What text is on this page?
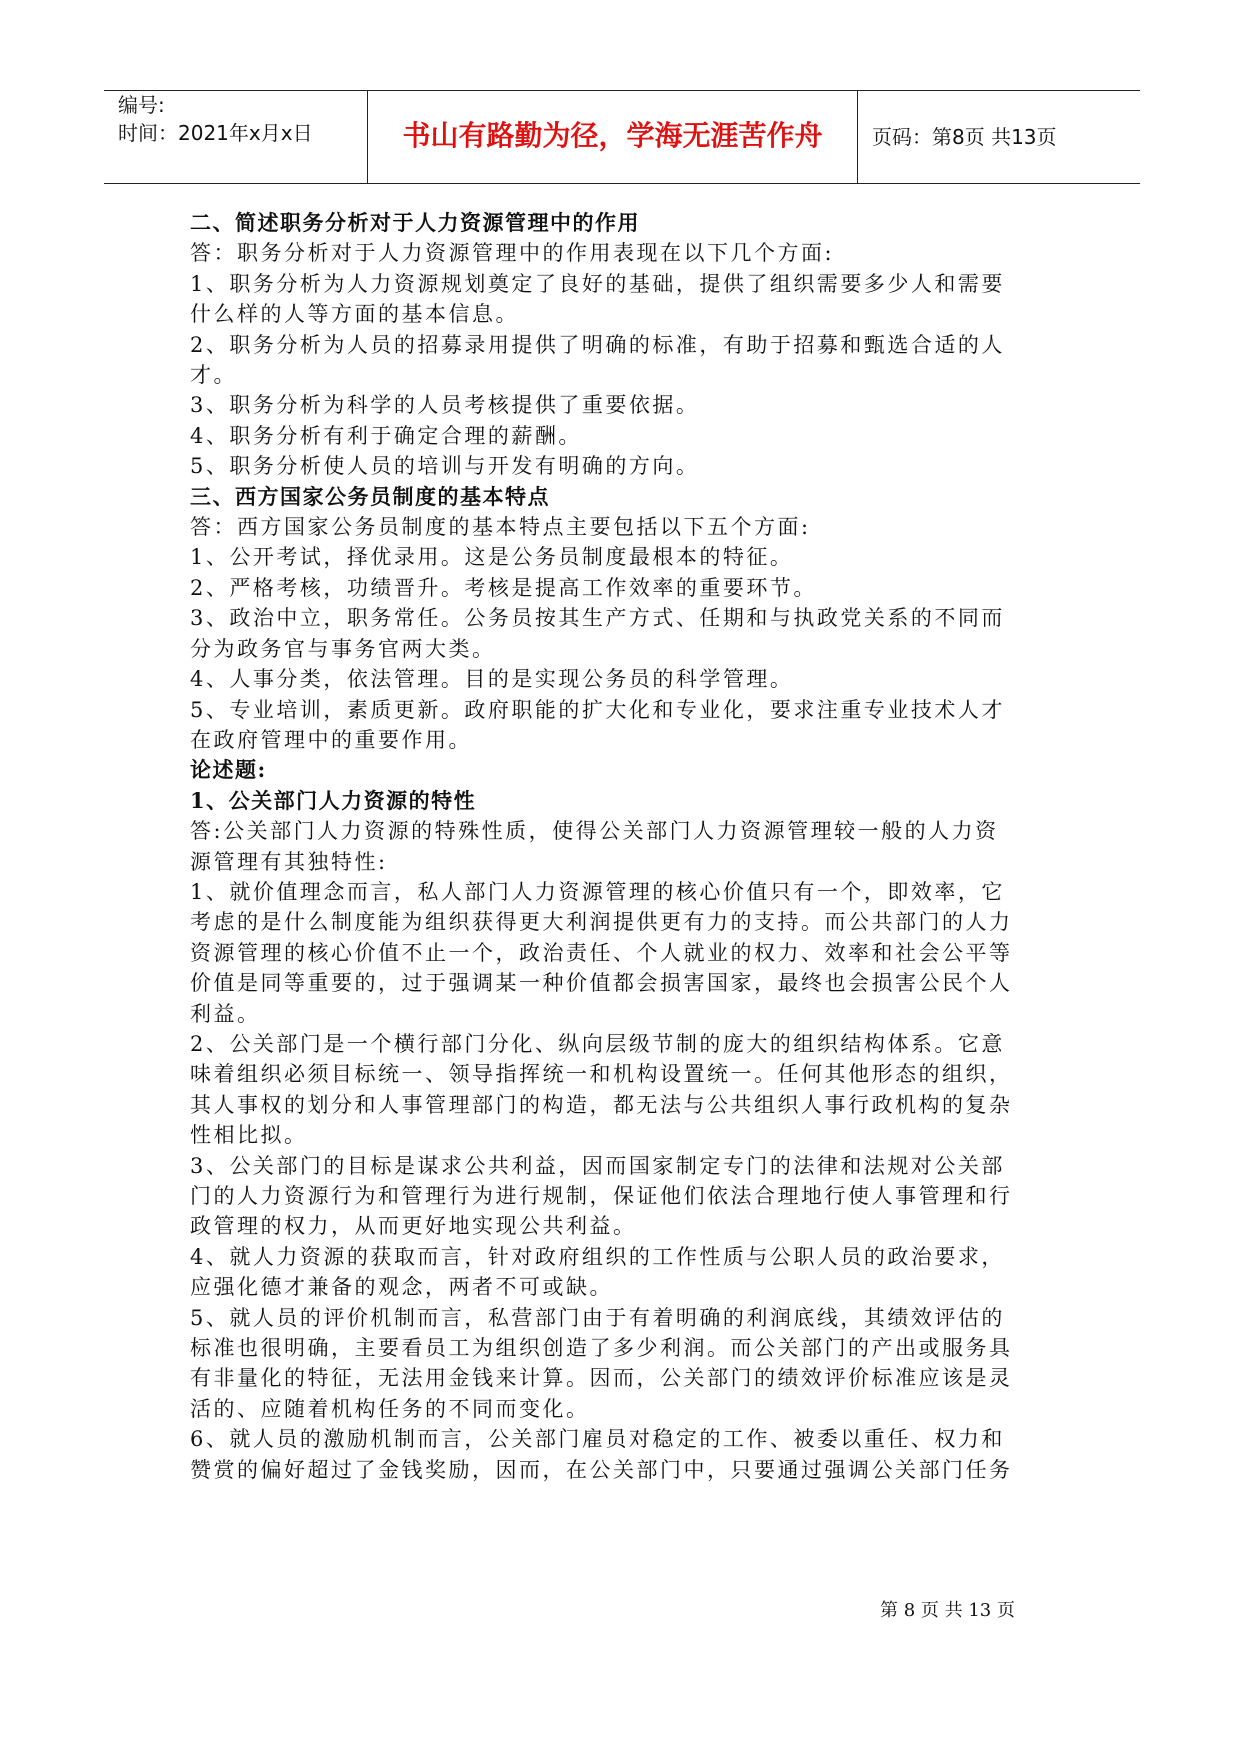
编号:
时间：2021年x月x日	书山有路勤为径，学海无涯苦作舟	页码：第8页 共13页

二、简述职务分析对于人力资源管理中的作用

答：职务分析对于人力资源管理中的作用表现在以下几个方面:

1、职务分析为人力资源规划奠定了良好的基础，提供了组织需要多少人和需要

什么样的人等方面的基本信息。

2、职务分析为人员的招募录用提供了明确的标准，有助于招募和甄选合适的人

才。

3、职务分析为科学的人员考核提供了重要依据。

4、职务分析有利于确定合理的薪酬。

5、职务分析使人员的培训与开发有明确的方向。

三、西方国家公务员制度的基本特点

答：西方国家公务员制度的基本特点主要包括以下五个方面:

1、公开考试，择优录用。这是公务员制度最根本的特征。

2、严格考核，功绩晋升。考核是提高工作效率的重要环节。

3、政治中立，职务常任。公务员按其生产方式、任期和与执政党关系的不同而

分为政务官与事务官两大类。

4、人事分类，依法管理。目的是实现公务员的科学管理。

5、专业培训，素质更新。政府职能的扩大化和专业化，要求注重专业技术人才

在政府管理中的重要作用。

论述题:

1、公关部门人力资源的特性

答:公关部门人力资源的特殊性质，使得公关部门人力资源管理较一般的人力资

源管理有其独特性:

1、就价值理念而言，私人部门人力资源管理的核心价值只有一个，即效率，它

考虑的是什么制度能为组织获得更大利润提供更有力的支持。而公共部门的人力

资源管理的核心价值不止一个，政治责任、个人就业的权力、效率和社会公平等

价值是同等重要的，过于强调某一种价值都会损害国家，最终也会损害公民个人

利益。

2、公关部门是一个横行部门分化、纵向层级节制的庞大的组织结构体系。它意

味着组织必须目标统一、领导指挥统一和机构设置统一。任何其他形态的组织，

其人事权的划分和人事管理部门的构造，都无法与公共组织人事行政机构的复杂

性相比拟。

3、公关部门的目标是谋求公共利益，因而国家制定专门的法律和法规对公关部

门的人力资源行为和管理行为进行规制，保证他们依法合理地行使人事管理和行

政管理的权力，从而更好地实现公共利益。

4、就人力资源的获取而言，针对政府组织的工作性质与公职人员的政治要求，

应强化德才兼备的观念，两者不可或缺。

5、就人员的评价机制而言，私营部门由于有着明确的利润底线，其绩效评估的

标准也很明确，主要看员工为组织创造了多少利润。而公关部门的产出或服务具

有非量化的特征，无法用金钱来计算。因而，公关部门的绩效评价标准应该是灵

活的、应随着机构任务的不同而变化。

6、就人员的激励机制而言，公关部门雇员对稳定的工作、被委以重任、权力和

赞赏的偏好超过了金钱奖励，因而，在公关部门中，只要通过强调公关部门任务

第 8 页 共 13 页
